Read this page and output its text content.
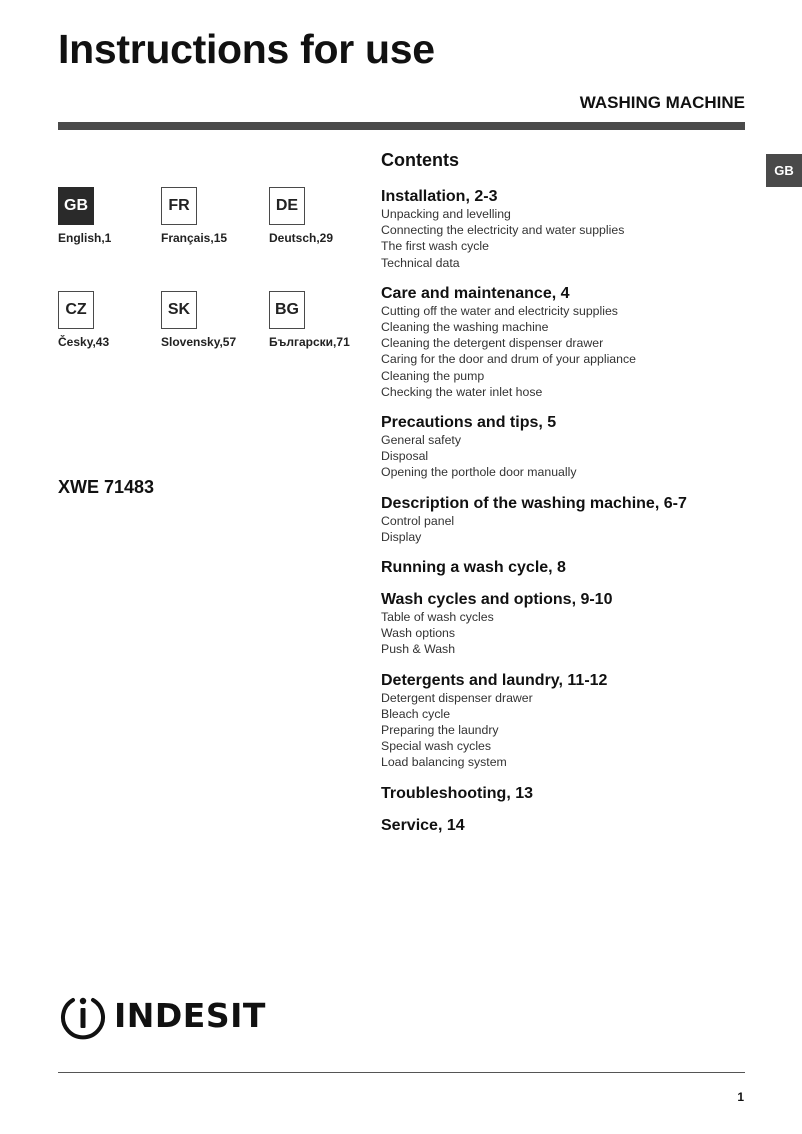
Instructions for use
WASHING MACHINE
GB
GB
English,1
FR
Français,15
DE
Deutsch,29
CZ
Česky,43
SK
Slovensky,57
BG
Български,71
XWE 71483
Contents
Installation, 2-3
Unpacking and levelling
Connecting the electricity and water supplies
The first wash cycle
Technical data
Care and maintenance, 4
Cutting off the water and electricity supplies
Cleaning the washing machine
Cleaning the detergent dispenser drawer
Caring for the door and drum of your appliance
Cleaning the pump
Checking the water inlet hose
Precautions and tips, 5
General safety
Disposal
Opening the porthole door manually
Description of the washing machine, 6-7
Control panel
Display
Running a wash cycle, 8
Wash cycles and options, 9-10
Table of wash cycles
Wash options
Push & Wash
Detergents and laundry, 11-12
Detergent dispenser drawer
Bleach cycle
Preparing the laundry
Special wash cycles
Load balancing system
Troubleshooting, 13
Service, 14
INDESIT
1
